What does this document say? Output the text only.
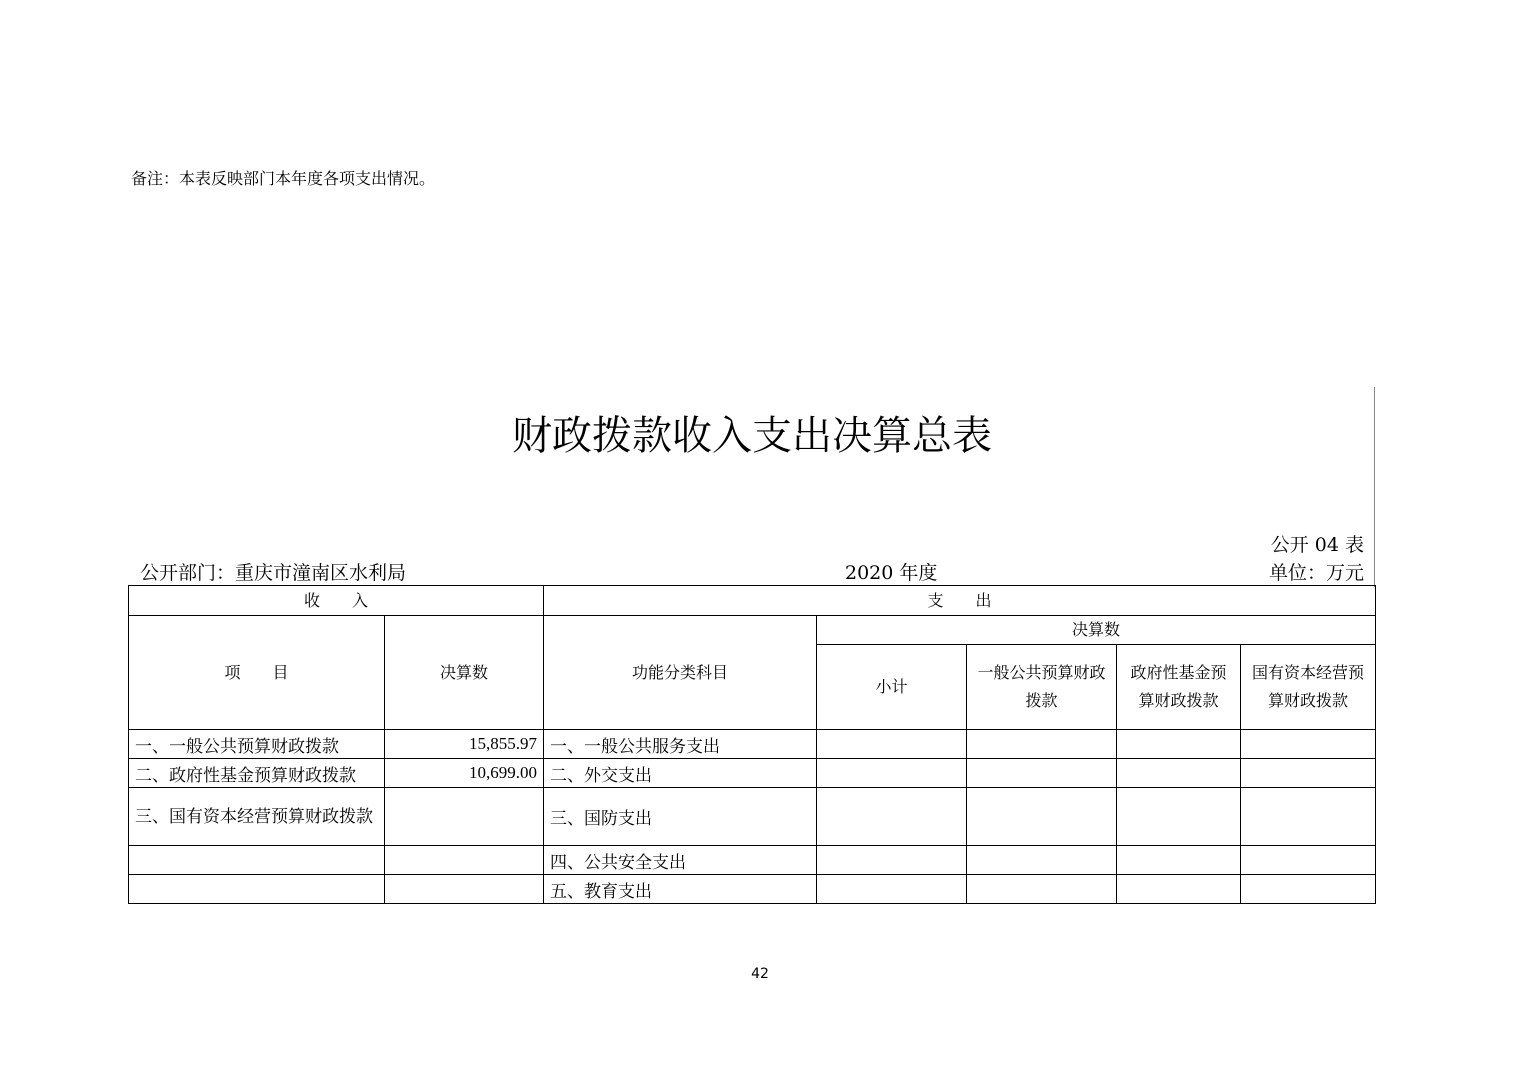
备注：本表反映部门本年度各项支出情况。
财政拨款收入支出决算总表
公开 04 表
公开部门：重庆市潼南区水利局	2020 年度	单位：万元
收　　入		支　　出				
项　　目	决算数	功能分类科目	决算数			
			小计	一般公共预算财政拨款	政府性基金预算财政拨款	国有资本经营预算财政拨款
一、一般公共预算财政拨款	15,855.97	一、一般公共服务支出				
二、政府性基金预算财政拨款	10,699.00	二、外交支出				
三、国有资本经营预算财政拨款		三、国防支出				
		四、公共安全支出				
		五、教育支出				
42
